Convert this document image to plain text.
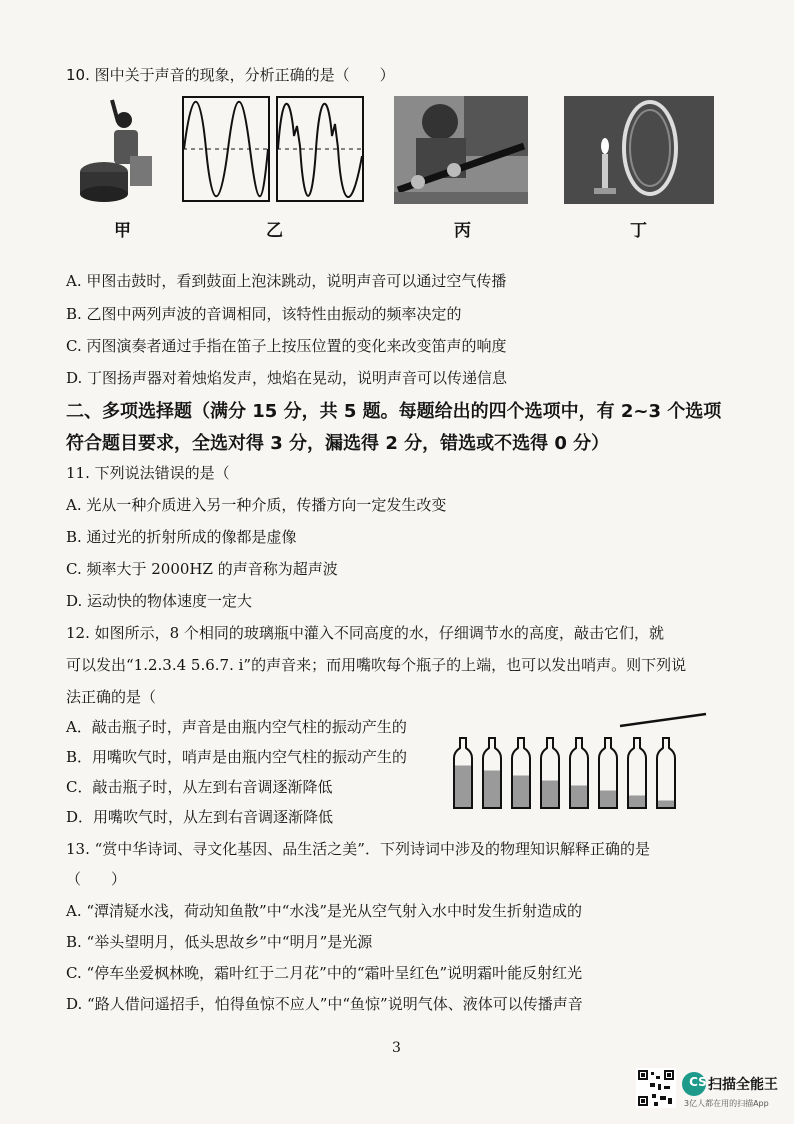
10. 图中关于声音的现象，分析正确的是（　　）
甲	乙	丙	丁
A. 甲图击鼓时，看到鼓面上泡沫跳动，说明声音可以通过空气传播
B. 乙图中两列声波的音调相同，该特性由振动的频率决定的
C. 丙图演奏者通过手指在笛子上按压位置的变化来改变笛声的响度
D. 丁图扬声器对着烛焰发声，烛焰在晃动，说明声音可以传递信息
二、多项选择题（满分 15 分，共 5 题。每题给出的四个选项中，有 2~3 个选项
符合题目要求，全选对得 3 分，漏选得 2 分，错选或不选得 0 分）
11. 下列说法错误的是（
A. 光从一种介质进入另一种介质，传播方向一定发生改变
B. 通过光的折射所成的像都是虚像
C. 频率大于 2000HZ 的声音称为超声波
D. 运动快的物体速度一定大
12. 如图所示，8 个相同的玻璃瓶中灌入不同高度的水，仔细调节水的高度，敲击它们，就
可以发出“1.2.3.4 5.6.7. i”的声音来；而用嘴吹每个瓶子的上端，也可以发出哨声。则下列说
法正确的是（
A．敲击瓶子时，声音是由瓶内空气柱的振动产生的
B．用嘴吹气时，哨声是由瓶内空气柱的振动产生的
C．敲击瓶子时，从左到右音调逐渐降低
D．用嘴吹气时，从左到右音调逐渐降低
13. “赏中华诗词、寻文化基因、品生活之美”．下列诗词中涉及的物理知识解释正确的是
（　　）
A. “潭清疑水浅，荷动知鱼散”中“水浅”是光从空气射入水中时发生折射造成的
B. “举头望明月，低头思故乡”中“明月”是光源
C. “停车坐爱枫林晚，霜叶红于二月花”中的“霜叶呈红色”说明霜叶能反射红光
D. “路人借问遥招手，怕得鱼惊不应人”中“鱼惊”说明气体、液体可以传播声音
3
CS 扫描全能王
3亿人都在用的扫描App
